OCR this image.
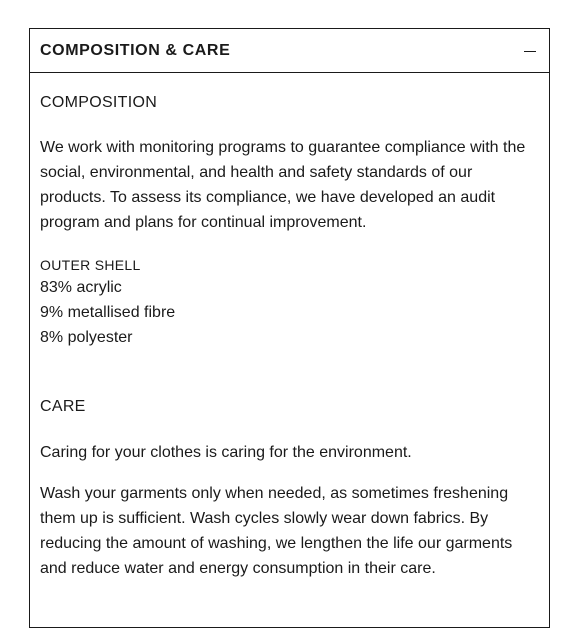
COMPOSITION & CARE
COMPOSITION

We work with monitoring programs to guarantee compliance with the social, environmental, and health and safety standards of our products. To assess its compliance, we have developed an audit program and plans for continual improvement.

OUTER SHELL
83% acrylic
9% metallised fibre
8% polyester
CARE

Caring for your clothes is caring for the environment.

Wash your garments only when needed, as sometimes freshening them up is sufficient. Wash cycles slowly wear down fabrics. By reducing the amount of washing, we lengthen the life our garments and reduce water and energy consumption in their care.
